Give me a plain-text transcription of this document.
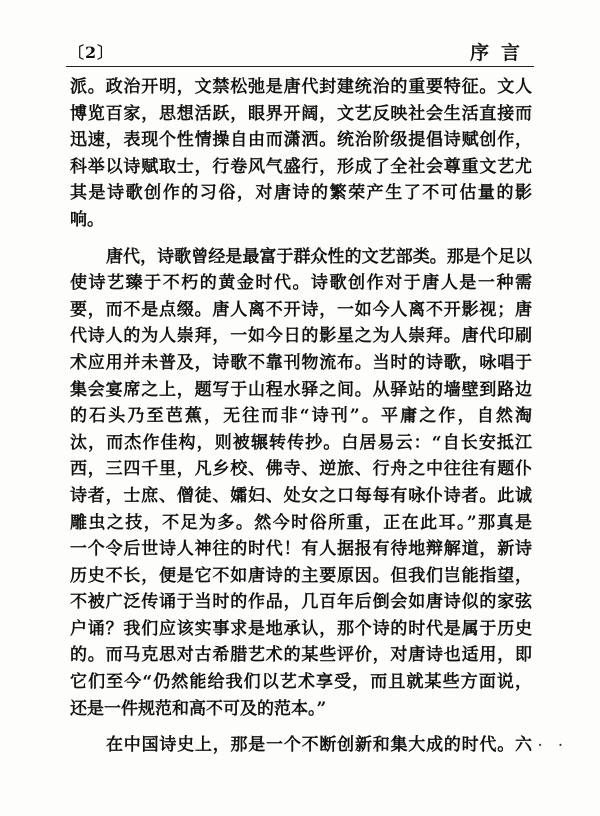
〔2〕	序言
派。政治开明，文禁松弛是唐代封建统治的重要特征。文人
博览百家，思想活跃，眼界开阔，文艺反映社会生活直接而
迅速，表现个性情操自由而潇洒。统治阶级提倡诗赋创作，
科举以诗赋取士，行卷风气盛行，形成了全社会尊重文艺尤
其是诗歌创作的习俗，对唐诗的繁荣产生了不可估量的影
响。
唐代，诗歌曾经是最富于群众性的文艺部类。那是个足以
使诗艺臻于不朽的黄金时代。诗歌创作对于唐人是一种需
要，而不是点缀。唐人离不开诗，一如今人离不开影视；唐
代诗人的为人崇拜，一如今日的影星之为人崇拜。唐代印刷
术应用并未普及，诗歌不靠刊物流布。当时的诗歌，咏唱于
集会宴席之上，题写于山程水驿之间。从驿站的墙壁到路边
的石头乃至芭蕉，无往而非“诗刊”。平庸之作，自然淘
汰，而杰作佳构，则被辗转传抄。白居易云：“自长安抵江
西，三四千里，凡乡校、佛寺、逆旅、行舟之中往往有题仆
诗者，士庶、僧徒、孀妇、处女之口每每有咏仆诗者。此诚
雕虫之技，不足为多。然今时俗所重，正在此耳。”那真是
一个令后世诗人神往的时代！有人据报有待地辩解道，新诗
历史不长，便是它不如唐诗的主要原因。但我们岂能指望，
不被广泛传诵于当时的作品，几百年后倒会如唐诗似的家弦
户诵？我们应该实事求是地承认，那个诗的时代是属于历史
的。而马克思对古希腊艺术的某些评价，对唐诗也适用，即
它们至今“仍然能给我们以艺术享受，而且就某些方面说，
还是一件规范和高不可及的范本。”
在中国诗史上，那是一个不断创新和集大成的时代。六 · ·
